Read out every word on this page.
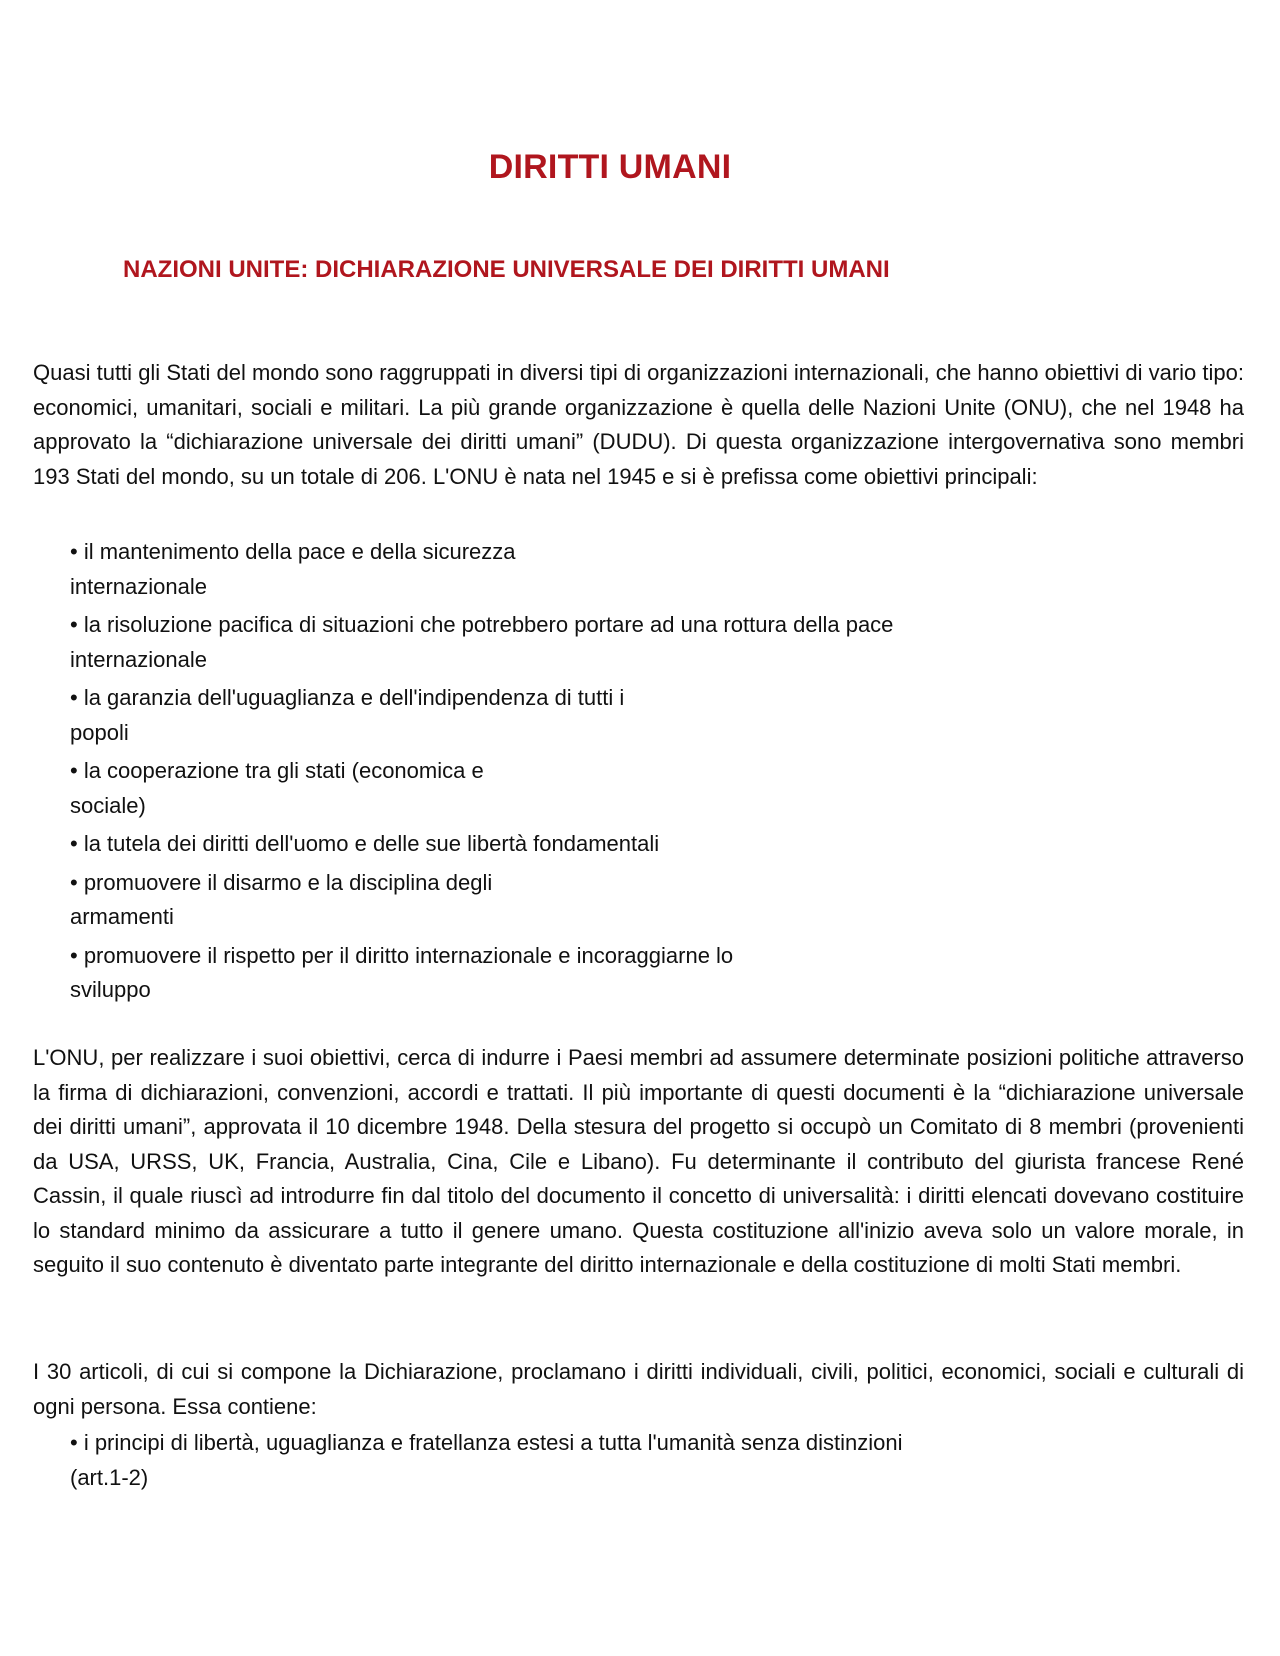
DIRITTI UMANI
NAZIONI UNITE: DICHIARAZIONE UNIVERSALE DEI DIRITTI UMANI

Quasi tutti gli Stati del mondo sono raggruppati in diversi tipi di organizzazioni internazionali, che hanno obiettivi di vario tipo: economici, umanitari, sociali e militari. La più grande organizzazione è quella delle Nazioni Unite (ONU), che nel 1948 ha approvato la “dichiarazione universale dei diritti umani” (DUDU). Di questa organizzazione intergovernativa sono membri 193 Stati del mondo, su un totale di 206. L'ONU è nata nel 1945 e si è prefissa come obiettivi principali:

• il mantenimento della pace e della sicurezza
internazionale
• la risoluzione pacifica di situazioni che potrebbero portare ad una rottura della pace
internazionale
• la garanzia dell'uguaglianza e dell'indipendenza di tutti i
popoli
• la cooperazione tra gli stati (economica e
sociale)
• la tutela dei diritti dell'uomo e delle sue libertà fondamentali
• promuovere il disarmo e la disciplina degli
armamenti
• promuovere il rispetto per il diritto internazionale e incoraggiarne lo
sviluppo

L'ONU, per realizzare i suoi obiettivi, cerca di indurre i Paesi membri ad assumere determinate posizioni politiche attraverso la firma di dichiarazioni, convenzioni, accordi e trattati. Il più importante di questi documenti è la “dichiarazione universale dei diritti umani”, approvata il 10 dicembre 1948. Della stesura del progetto si occupò un Comitato di 8 membri (provenienti da USA, URSS, UK, Francia, Australia, Cina, Cile e Libano). Fu determinante il contributo del giurista francese René Cassin, il quale riuscì ad introdurre fin dal titolo del documento il concetto di universalità: i diritti elencati dovevano costituire lo standard minimo da assicurare a tutto il genere umano. Questa costituzione all'inizio aveva solo un valore morale, in seguito il suo contenuto è diventato parte integrante del diritto internazionale e della costituzione di molti Stati membri.

I 30 articoli, di cui si compone la Dichiarazione, proclamano i diritti individuali, civili, politici, economici, sociali e culturali di ogni persona. Essa contiene:

• i principi di libertà, uguaglianza e fratellanza estesi a tutta l'umanità senza distinzioni
(art.1-2)
